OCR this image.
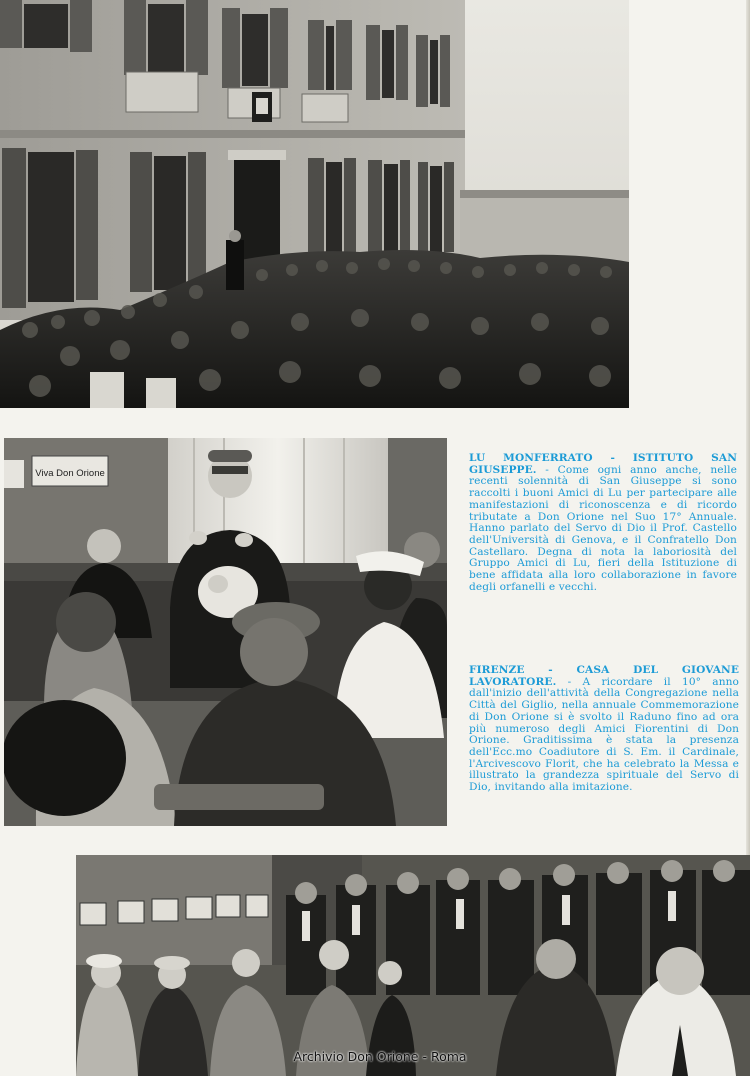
Viva Don Orione
LU MONFERRATO - ISTITUTO SAN GIUSEPPE. - Come ogni anno anche, nelle recenti solennità di San Giuseppe si sono raccolti i buoni Amici di Lu per partecipare alle manifestazioni di riconoscenza e di ricordo tributate a Don Orione nel Suo 17° Annuale. Hanno parlato del Servo di Dio il Prof. Castello dell'Università di Genova, e il Confratello Don Castellaro. Degna di nota la laboriosità del Gruppo Amici di Lu, fieri della Istituzione di bene affidata alla loro collaborazione in favore degli orfanelli e vecchi.
FIRENZE - CASA DEL GIOVANE LAVORATORE. - A ricordare il 10° anno dall'inizio dell'attività della Congregazione nella Città del Giglio, nella annuale Commemorazione di Don Orione si è svolto il Raduno fino ad ora più numeroso degli Amici Fiorentini di Don Orione. Graditissima è stata la presenza dell'Ecc.mo Coadiutore di S. Em. il Cardinale, l'Arcivescovo Florit, che ha celebrato la Messa e illustrato la grandezza spirituale del Servo di Dio, invitando alla imitazione.
Archivio Don Orione - Roma
